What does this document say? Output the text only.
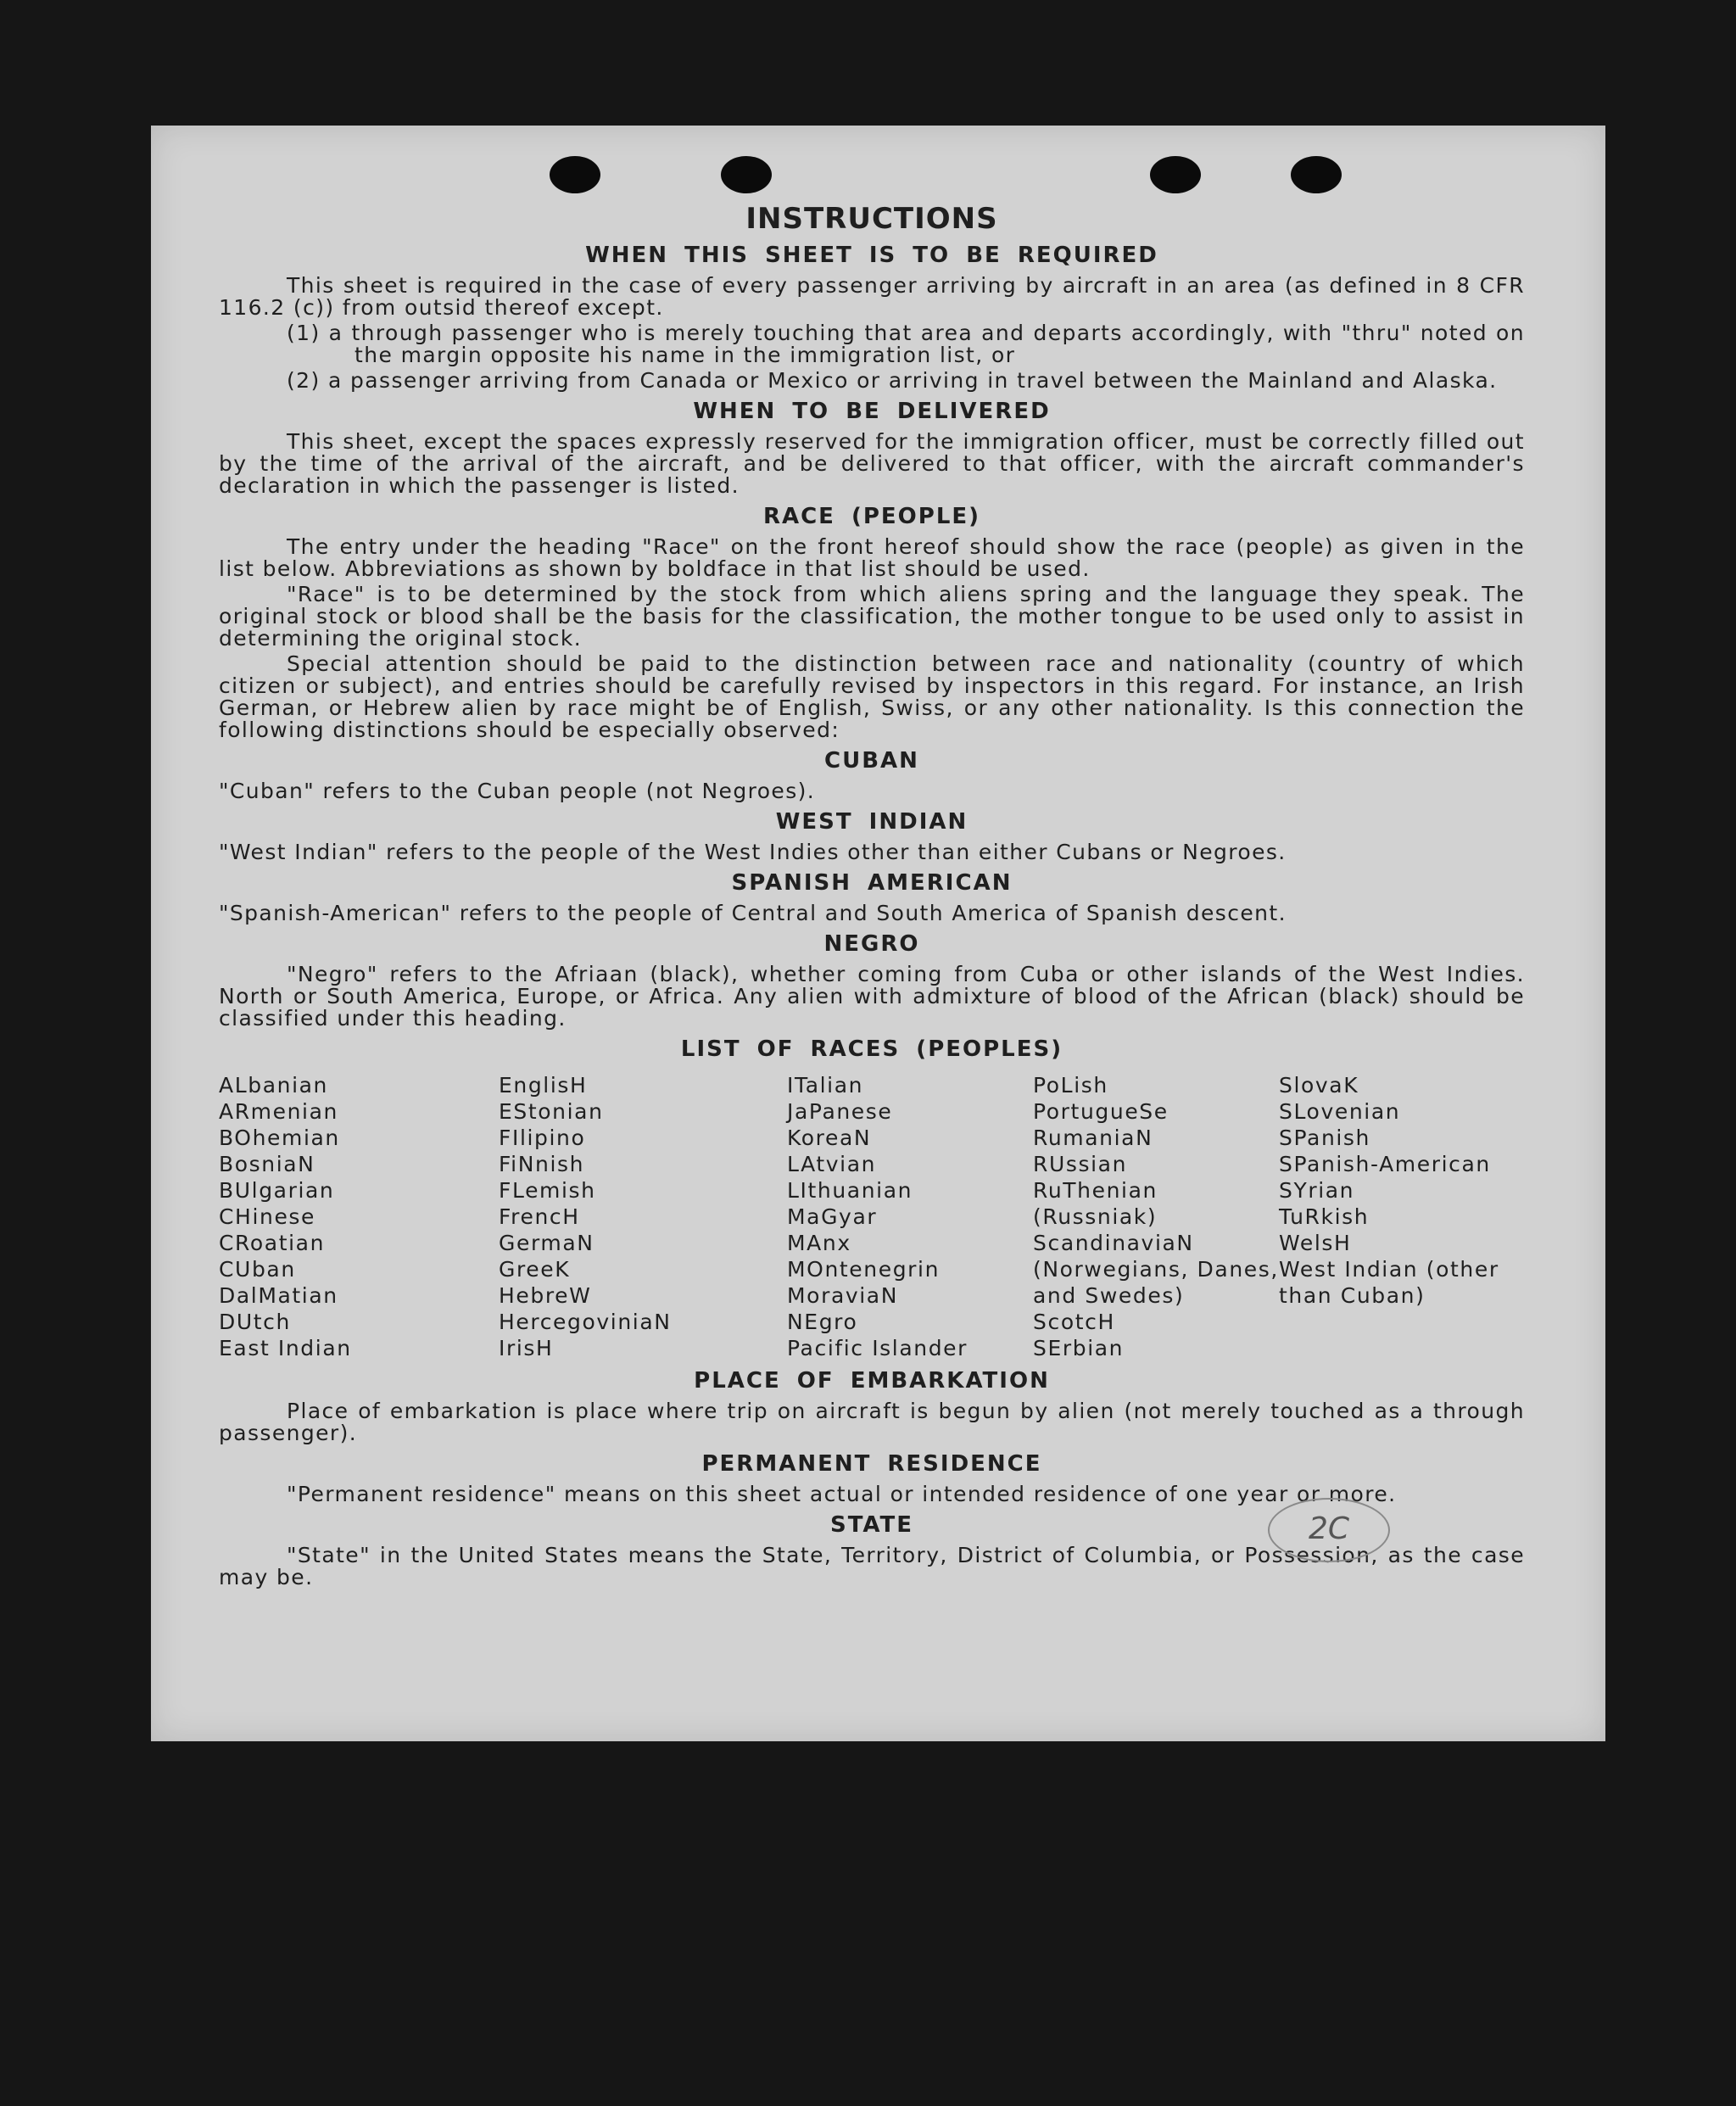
INSTRUCTIONS
WHEN THIS SHEET IS TO BE REQUIRED

This sheet is required in the case of every passenger arriving by aircraft in an area (as defined in 8 CFR 116.2 (c)) from outsid thereof except.

(1) a through passenger who is merely touching that area and departs accordingly, with "thru" noted on the margin opposite his name in the immigration list, or

(2) a passenger arriving from Canada or Mexico or arriving in travel between the Mainland and Alaska.

WHEN TO BE DELIVERED

This sheet, except the spaces expressly reserved for the immigration officer, must be correctly filled out by the time of the arrival of the aircraft, and be delivered to that officer, with the aircraft commander's declaration in which the passenger is listed.

RACE (PEOPLE)

The entry under the heading "Race" on the front hereof should show the race (people) as given in the list below. Abbreviations as shown by boldface in that list should be used.

"Race" is to be determined by the stock from which aliens spring and the language they speak. The original stock or blood shall be the basis for the classification, the mother tongue to be used only to assist in determining the original stock.

Special attention should be paid to the distinction between race and nationality (country of which citizen or subject), and entries should be carefully revised by inspectors in this regard. For instance, an Irish German, or Hebrew alien by race might be of English, Swiss, or any other nationality. Is this connection the following distinctions should be especially observed:

CUBAN

"Cuban" refers to the Cuban people (not Negroes).

WEST INDIAN

"West Indian" refers to the people of the West Indies other than either Cubans or Negroes.

SPANISH AMERICAN

"Spanish-American" refers to the people of Central and South America of Spanish descent.

NEGRO

"Negro" refers to the Afriaan (black), whether coming from Cuba or other islands of the West Indies. North or South America, Europe, or Africa. Any alien with admixture of blood of the African (black) should be classified under this heading.

LIST OF RACES (PEOPLES)
ALbanian
ARmenian
BOhemian
BosniaN
BUlgarian
CHinese
CRoatian
CUban
DalMatian
DUtch
East Indian
EnglisH
EStonian
FIlipino
FiNnish
FLemish
FrencH
GermaN
GreeK
HebreW
HercegoviniaN
IrisH
ITalian
JaPanese
KoreaN
LAtvian
LIthuanian
MaGyar
MAnx
MOntenegrin
MoraviaN
NEgro
Pacific Islander
PoLish
PortugueSe
RumaniaN
RUssian
RuThenian (Russniak)
ScandinaviaN (Norwegians, Danes, and Swedes)
ScotcH
SErbian
SlovaK
SLovenian
SPanish
SPanish-American
SYrian
TuRkish
WelsH
West Indian (other than Cuban)
PLACE OF EMBARKATION

Place of embarkation is place where trip on aircraft is begun by alien (not merely touched as a through passenger).

PERMANENT RESIDENCE

"Permanent residence" means on this sheet actual or intended residence of one year or more.

STATE

"State" in the United States means the State, Territory, District of Columbia, or Possession, as the case may be.

2C
